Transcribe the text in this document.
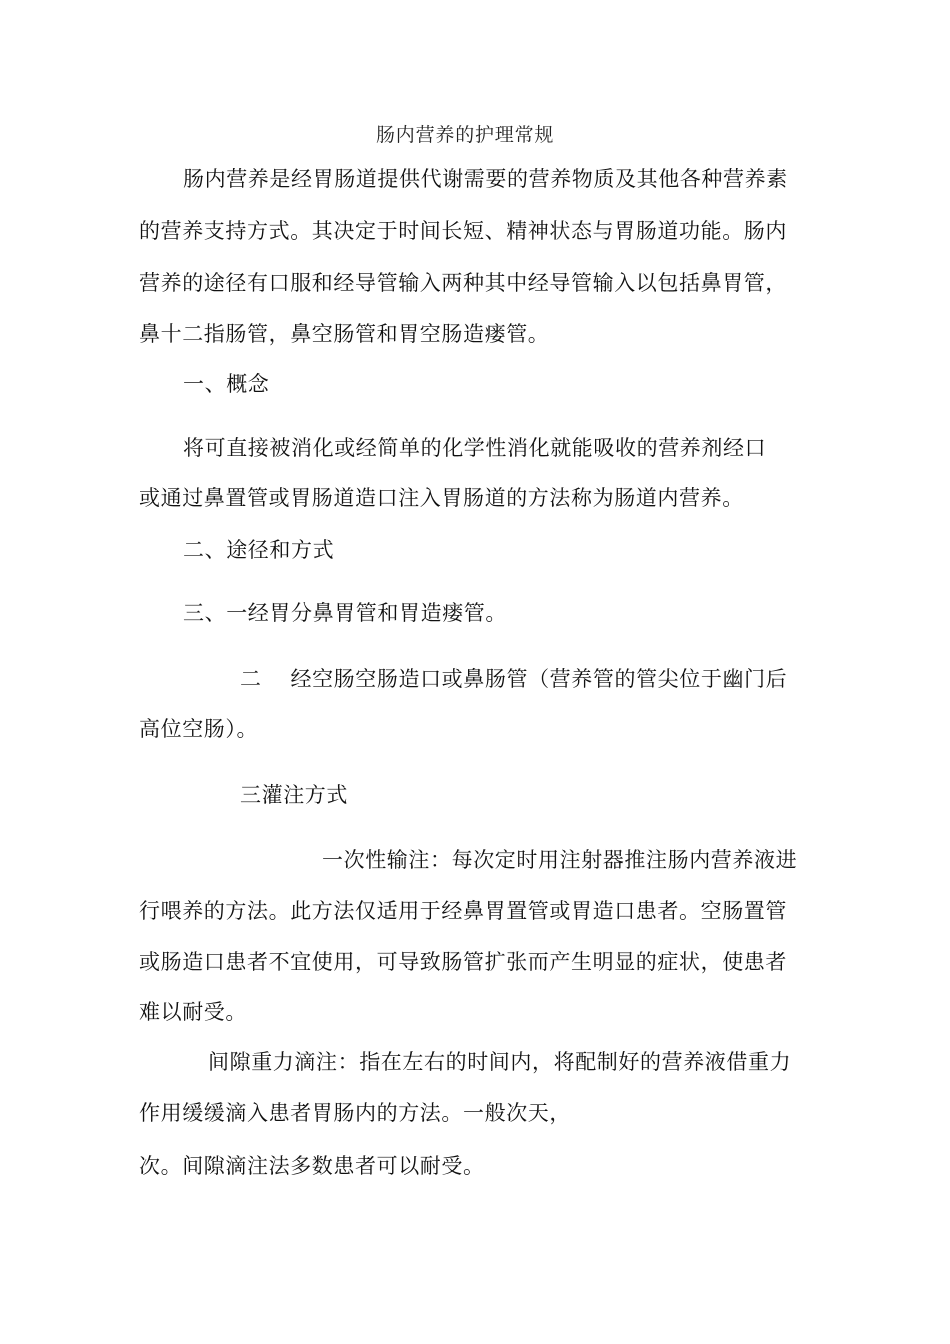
肠内营养的护理常规
肠内营养是经胃肠道提供代谢需要的营养物质及其他各种营养素
的营养支持方式。其决定于时间长短、精神状态与胃肠道功能。肠内
营养的途径有口服和经导管输入两种其中经导管输入以包括鼻胃管，
鼻十二指肠管，鼻空肠管和胃空肠造瘘管。
一、概念
将可直接被消化或经简单的化学性消化就能吸收的营养剂经口
或通过鼻置管或胃肠道造口注入胃肠道的方法称为肠道内营养。
二、途径和方式
三、一经胃分鼻胃管和胃造瘘管。
二　 经空肠空肠造口或鼻肠管（营养管的管尖位于幽门后
高位空肠）。
三灌注方式
一次性输注：每次定时用注射器推注肠内营养液进
行喂养的方法。此方法仅适用于经鼻胃置管或胃造口患者。空肠置管
或肠造口患者不宜使用，可导致肠管扩张而产生明显的症状，使患者
难以耐受。
间隙重力滴注：指在左右的时间内，将配制好的营养液借重力
作用缓缓滴入患者胃肠内的方法。一般次天，
次。间隙滴注法多数患者可以耐受。
